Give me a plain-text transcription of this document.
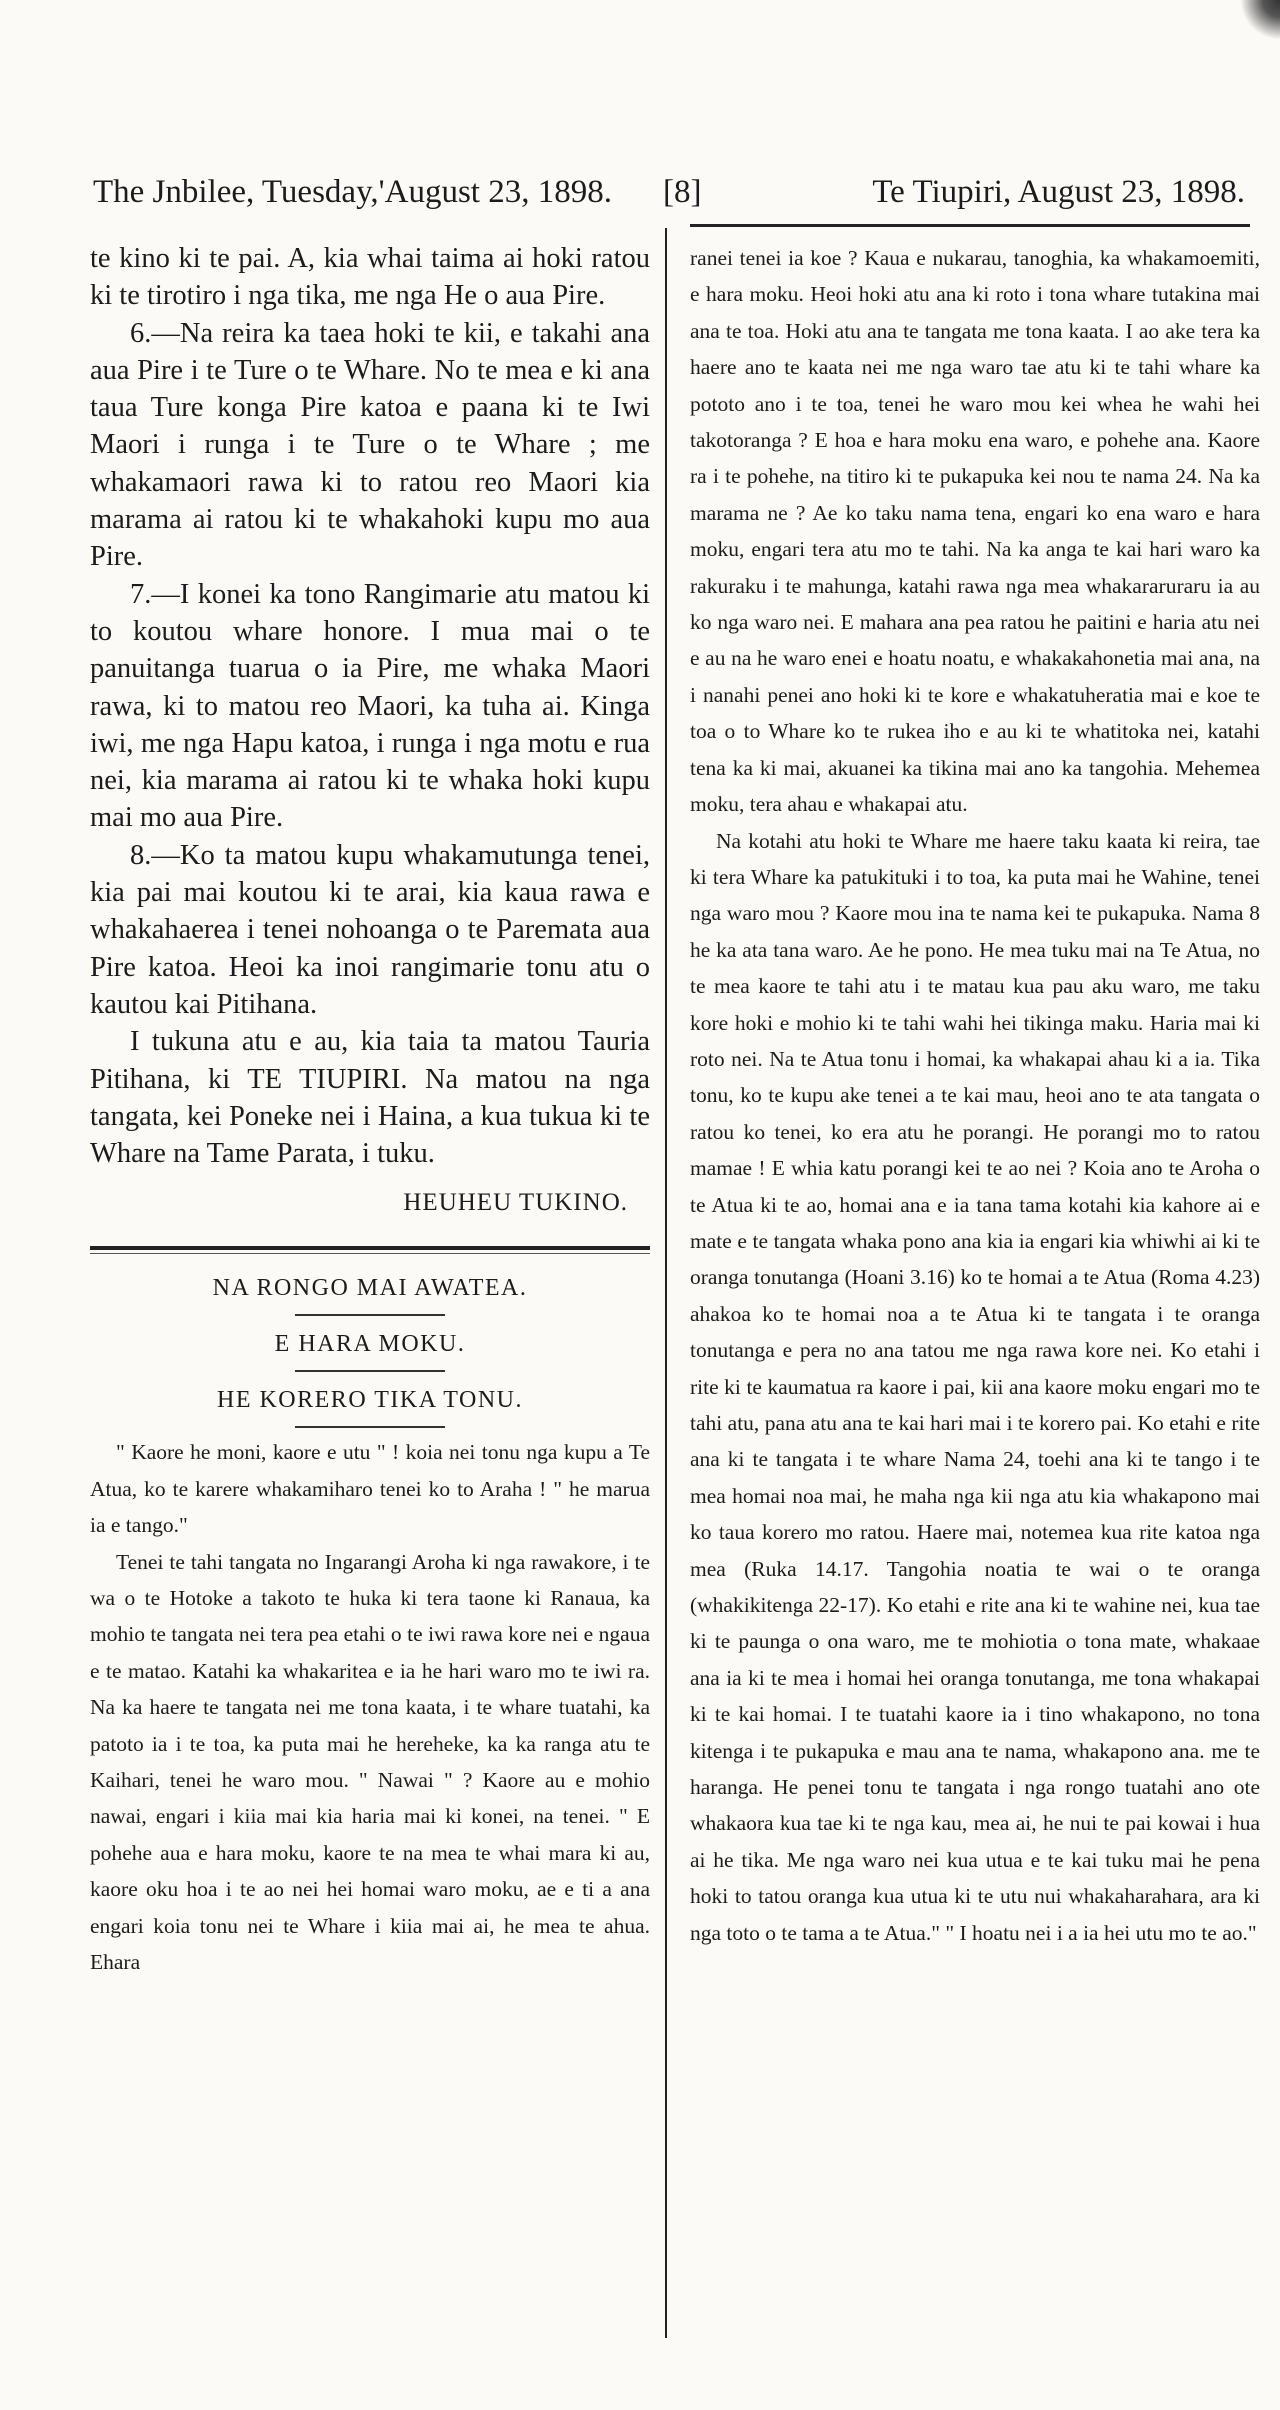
The Jnbilee, Tuesday,'August 23, 1898. [8]	Te Tiupiri, August 23, 1898.

te kino ki te pai. A, kia whai taima ai hoki ratou ki te tirotiro i nga tika, me nga He o aua Pire.

6.—Na reira ka taea hoki te kii, e takahi ana aua Pire i te Ture o te Whare. No te mea e ki ana taua Ture konga Pire katoa e paana ki te Iwi Maori i runga i te Ture o te Whare ; me whakamaori rawa ki to ratou reo Maori kia marama ai ratou ki te whakahoki kupu mo aua Pire.

7.—I konei ka tono Rangimarie atu matou ki to koutou whare honore. I mua mai o te panuitanga tuarua o ia Pire, me whaka Maori rawa, ki to matou reo Maori, ka tuha ai. Kinga iwi, me nga Hapu katoa, i runga i nga motu e rua nei, kia marama ai ratou ki te whaka hoki kupu mai mo aua Pire.

8.—Ko ta matou kupu whakamutunga tenei, kia pai mai koutou ki te arai, kia kaua rawa e whakahaerea i tenei nohoanga o te Paremata aua Pire katoa. Heoi ka inoi rangimarie tonu atu o kautou kai Pitihana.

I tukuna atu e au, kia taia ta matou Tauria Pitihana, ki TE TIUPIRI. Na matou na nga tangata, kei Poneke nei i Haina, a kua tukua ki te Whare na Tame Parata, i tuku.

HEUHEU TUKINO.
NA RONGO MAI AWATEA.
E HARA MOKU.
HE KORERO TIKA TONU.

" Kaore he moni, kaore e utu " ! koia nei tonu nga kupu a Te Atua, ko te karere whakamiharo tenei ko to Araha ! " he marua ia e tango."

Tenei te tahi tangata no Ingarangi Aroha ki nga rawakore, i te wa o te Hotoke a takoto te huka ki tera taone ki Ranaua, ka mohio te tangata nei tera pea etahi o te iwi rawa kore nei e ngaua e te matao. Katahi ka whakaritea e ia he hari waro mo te iwi ra. Na ka haere te tangata nei me tona kaata, i te whare tuatahi, ka patoto ia i te toa, ka puta mai he hereheke, ka ka ranga atu te Kaihari, tenei he waro mou. " Nawai " ? Kaore au e mohio nawai, engari i kiia mai kia haria mai ki konei, na tenei. " E pohehe aua e hara moku, kaore te na mea te whai mara ki au, kaore oku hoa i te ao nei hei homai waro moku, ae e ti a ana engari koia tonu nei te Whare i kiia mai ai, he mea te ahua. Ehara

ranei tenei ia koe ? Kaua e nukarau, tanoghia, ka whakamoemiti, e hara moku. Heoi hoki atu ana ki roto i tona whare tutakina mai ana te toa. Hoki atu ana te tangata me tona kaata. I ao ake tera ka haere ano te kaata nei me nga waro tae atu ki te tahi whare ka pototo ano i te toa, tenei he waro mou kei whea he wahi hei takotoranga ? E hoa e hara moku ena waro, e pohehe ana. Kaore ra i te pohehe, na titiro ki te pukapuka kei nou te nama 24. Na ka marama ne ? Ae ko taku nama tena, engari ko ena waro e hara moku, engari tera atu mo te tahi. Na ka anga te kai hari waro ka rakuraku i te mahunga, katahi rawa nga mea whakararuraru ia au ko nga waro nei. E mahara ana pea ratou he paitini e haria atu nei e au na he waro enei e hoatu noatu, e whakakahonetia mai ana, na i nanahi penei ano hoki ki te kore e whakatuheratia mai e koe te toa o to Whare ko te rukea iho e au ki te whatitoka nei, katahi tena ka ki mai, akuanei ka tikina mai ano ka tangohia. Mehemea moku, tera ahau e whakapai atu.

Na kotahi atu hoki te Whare me haere taku kaata ki reira, tae ki tera Whare ka patukituki i to toa, ka puta mai he Wahine, tenei nga waro mou ? Kaore mou ina te nama kei te pukapuka. Nama 8 he ka ata tana waro. Ae he pono. He mea tuku mai na Te Atua, no te mea kaore te tahi atu i te matau kua pau aku waro, me taku kore hoki e mohio ki te tahi wahi hei tikinga maku. Haria mai ki roto nei. Na te Atua tonu i homai, ka whakapai ahau ki a ia. Tika tonu, ko te kupu ake tenei a te kai mau, heoi ano te ata tangata o ratou ko tenei, ko era atu he porangi. He porangi mo to ratou mamae ! E whia katu porangi kei te ao nei ? Koia ano te Aroha o te Atua ki te ao, homai ana e ia tana tama kotahi kia kahore ai e mate e te tangata whaka pono ana kia ia engari kia whiwhi ai ki te oranga tonutanga (Hoani 3.16) ko te homai a te Atua (Roma 4.23) ahakoa ko te homai noa a te Atua ki te tangata i te oranga tonutanga e pera no ana tatou me nga rawa kore nei. Ko etahi i rite ki te kaumatua ra kaore i pai, kii ana kaore moku engari mo te tahi atu, pana atu ana te kai hari mai i te korero pai. Ko etahi e rite ana ki te tangata i te whare Nama 24, toehi ana ki te tango i te mea homai noa mai, he maha nga kii nga atu kia whakapono mai ko taua korero mo ratou. Haere mai, notemea kua rite katoa nga mea (Ruka 14.17. Tangohia noatia te wai o te oranga (whakikitenga 22-17). Ko etahi e rite ana ki te wahine nei, kua tae ki te paunga o ona waro, me te mohiotia o tona mate, whakaae ana ia ki te mea i homai hei oranga tonutanga, me tona whakapai ki te kai homai. I te tuatahi kaore ia i tino whakapono, no tona kitenga i te pukapuka e mau ana te nama, whakapono ana. me te haranga. He penei tonu te tangata i nga rongo tuatahi ano ote whakaora kua tae ki te nga kau, mea ai, he nui te pai kowai i hua ai he tika. Me nga waro nei kua utua e te kai tuku mai he pena hoki to tatou oranga kua utua ki te utu nui whakaharahara, ara ki nga toto o te tama a te Atua." " I hoatu nei i a ia hei utu mo te ao."
